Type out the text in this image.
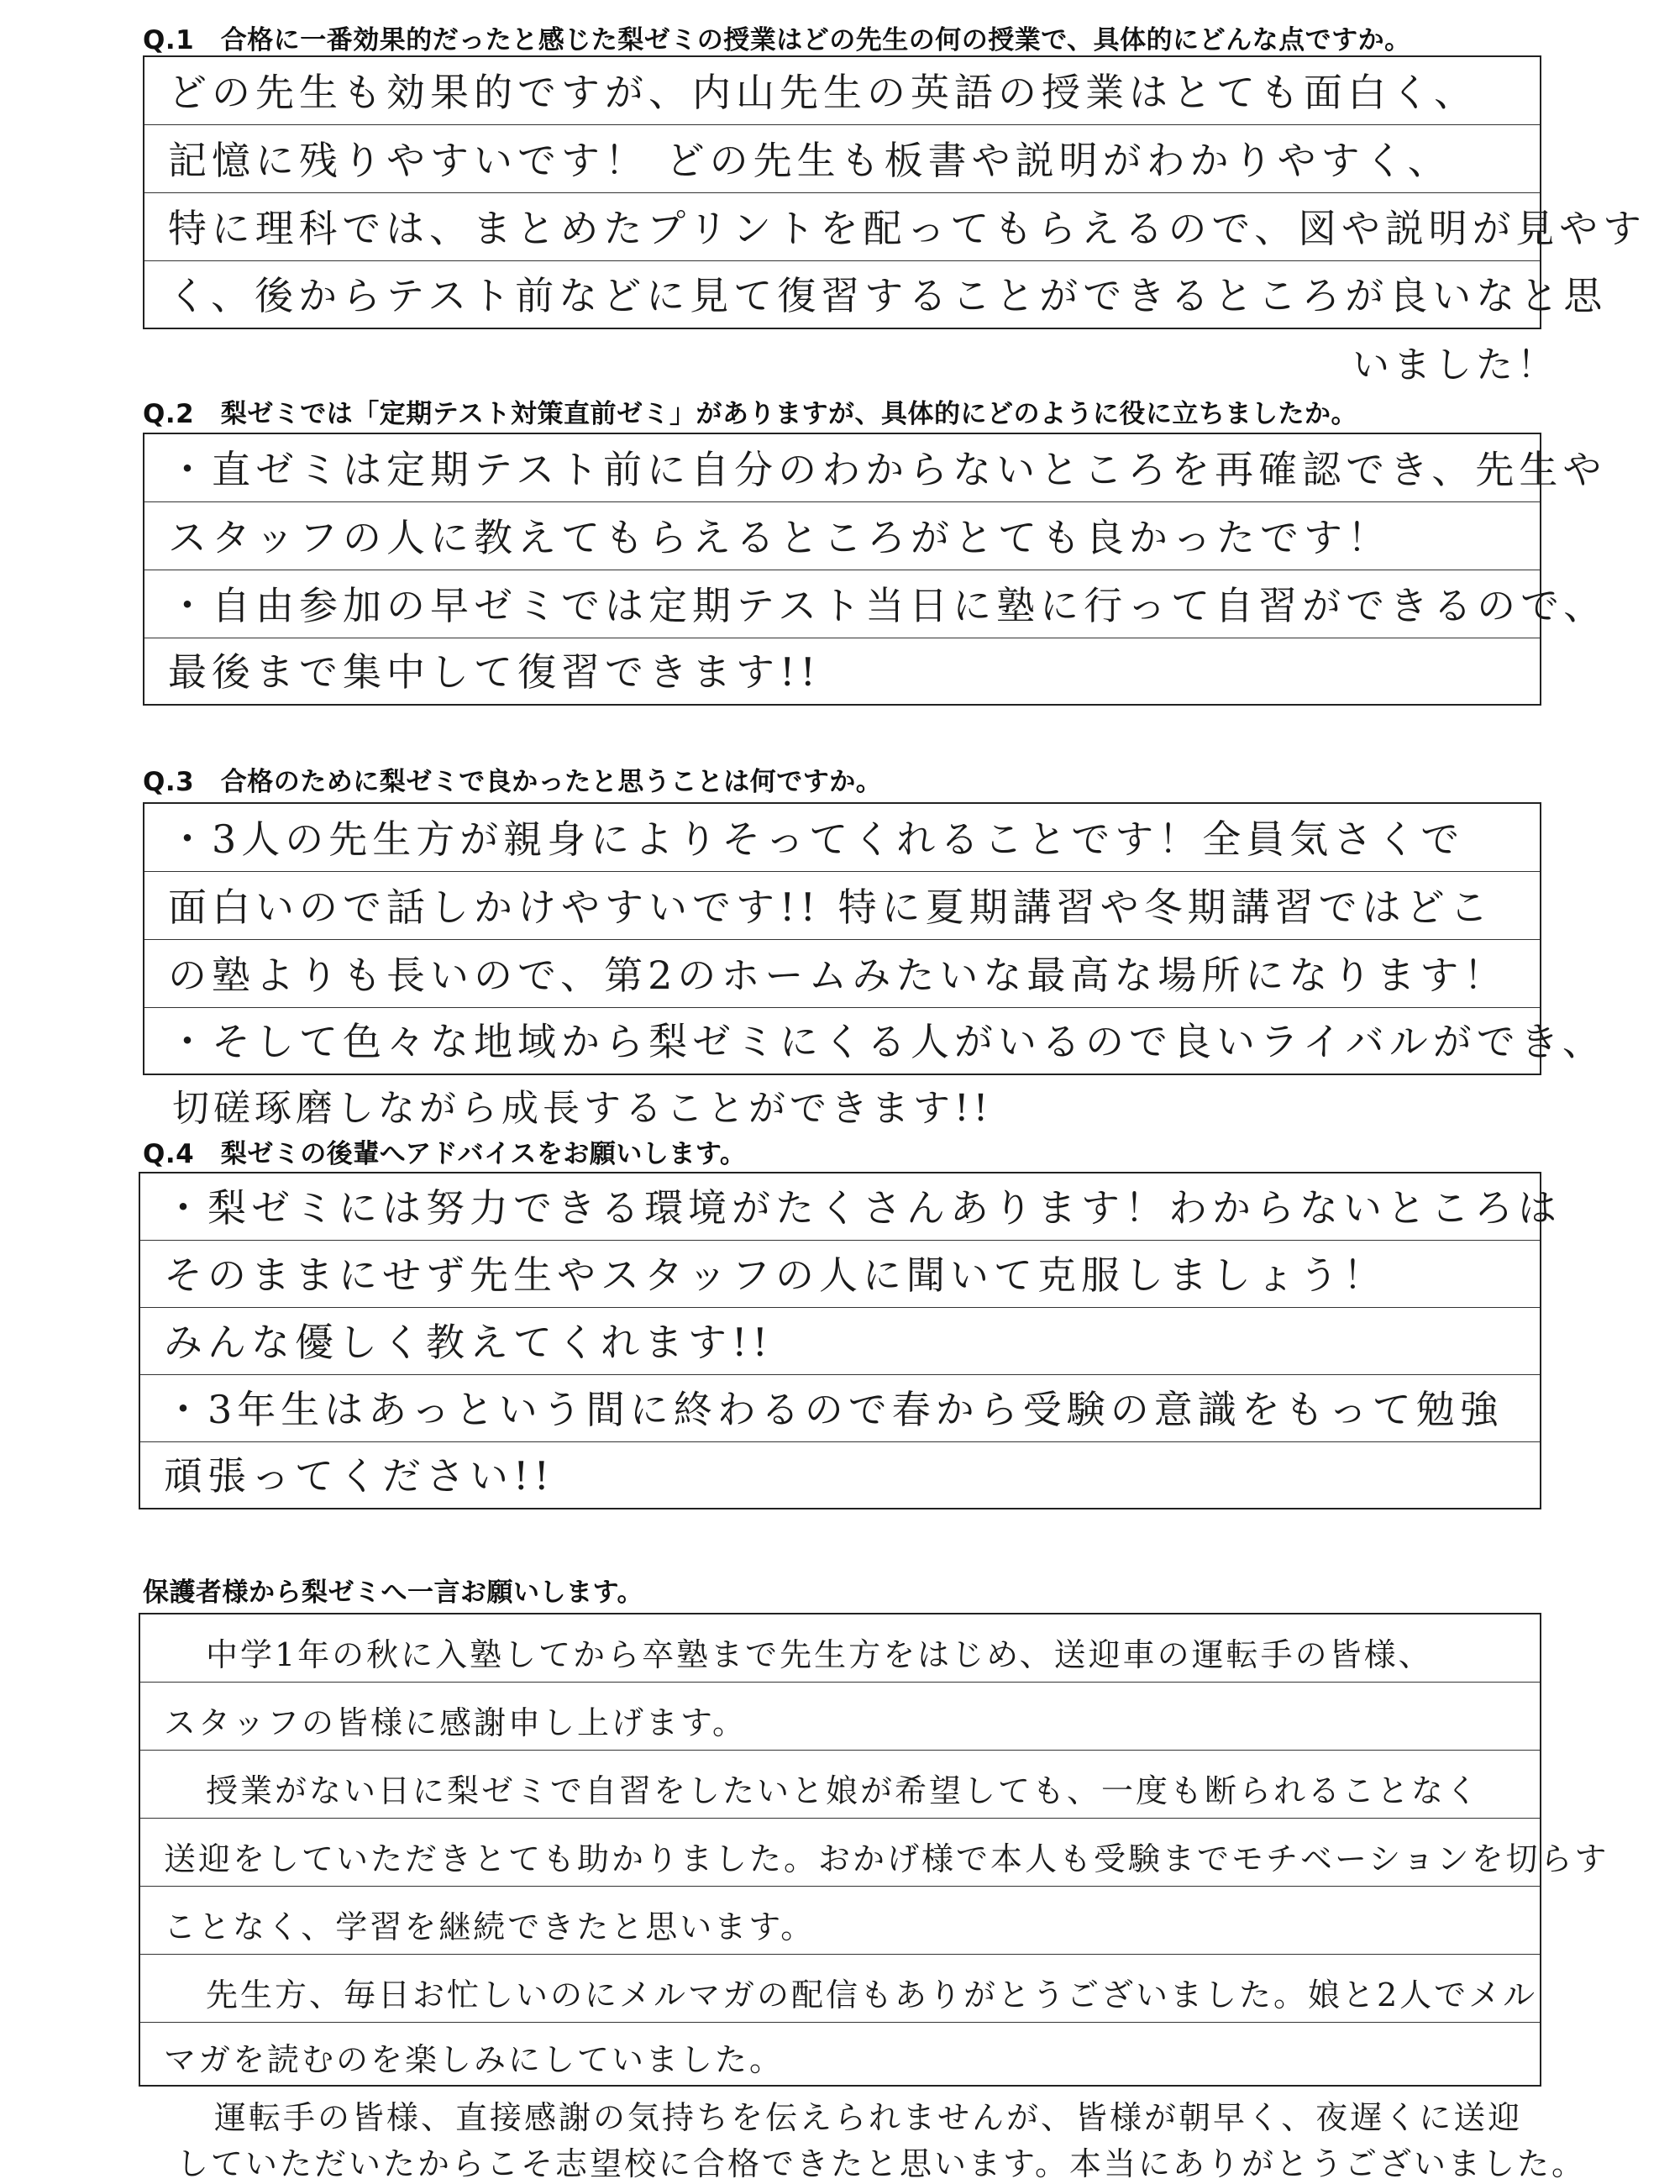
Q.1　合格に一番効果的だったと感じた梨ゼミの授業はどの先生の何の授業で、具体的にどんな点ですか。
どの先生も効果的ですが、内山先生の英語の授業はとても面白く、
記憶に残りやすいです！ どの先生も板書や説明がわかりやすく、
特に理科では、まとめたプリントを配ってもらえるので、図や説明が見やす
く、後からテスト前などに見て復習することができるところが良いなと思
いました！
Q.2　梨ゼミでは「定期テスト対策直前ゼミ」がありますが、具体的にどのように役に立ちましたか。
・直ゼミは定期テスト前に自分のわからないところを再確認でき、先生や
スタッフの人に教えてもらえるところがとても良かったです！
・自由参加の早ゼミでは定期テスト当日に塾に行って自習ができるので、
最後まで集中して復習できます!!
Q.3　合格のために梨ゼミで良かったと思うことは何ですか。
・3人の先生方が親身によりそってくれることです！全員気さくで
面白いので話しかけやすいです!! 特に夏期講習や冬期講習ではどこ
の塾よりも長いので、第2のホームみたいな最高な場所になります！
・そして色々な地域から梨ゼミにくる人がいるので良いライバルができ、
切磋琢磨しながら成長することができます!!
Q.4　梨ゼミの後輩へアドバイスをお願いします。
・梨ゼミには努力できる環境がたくさんあります！わからないところは
そのままにせず先生やスタッフの人に聞いて克服しましょう！
みんな優しく教えてくれます!!
・3年生はあっという間に終わるので春から受験の意識をもって勉強
頑張ってください!!
保護者様から梨ゼミへ一言お願いします。
中学1年の秋に入塾してから卒塾まで先生方をはじめ、送迎車の運転手の皆様、
スタッフの皆様に感謝申し上げます。
授業がない日に梨ゼミで自習をしたいと娘が希望しても、一度も断られることなく
送迎をしていただきとても助かりました。おかげ様で本人も受験までモチベーションを切らす
ことなく、学習を継続できたと思います。
先生方、毎日お忙しいのにメルマガの配信もありがとうございました。娘と2人でメル
マガを読むのを楽しみにしていました。
運転手の皆様、直接感謝の気持ちを伝えられませんが、皆様が朝早く、夜遅くに送迎
していただいたからこそ志望校に合格できたと思います。本当にありがとうございました。
